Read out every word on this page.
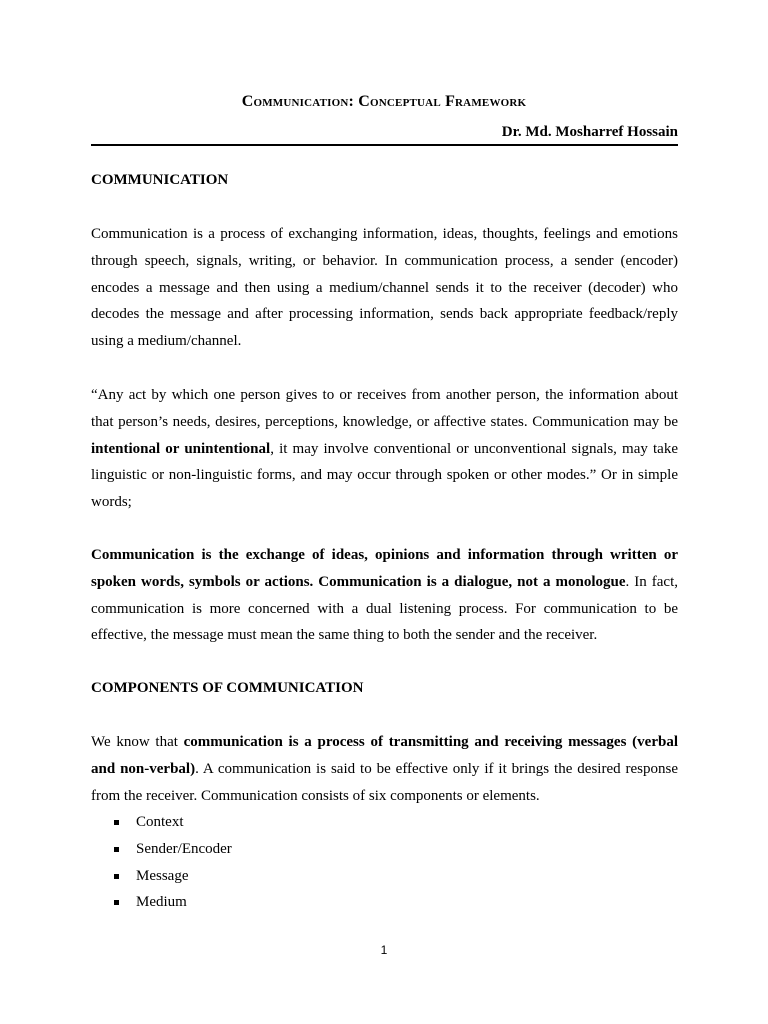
Communication: Conceptual Framework
Dr. Md. Mosharref Hossain
COMMUNICATION

Communication is a process of exchanging information, ideas, thoughts, feelings and emotions through speech, signals, writing, or behavior. In communication process, a sender (encoder) encodes a message and then using a medium/channel sends it to the receiver (decoder) who decodes the message and after processing information, sends back appropriate feedback/reply using a medium/channel.

“Any act by which one person gives to or receives from another person, the information about that person’s needs, desires, perceptions, knowledge, or affective states. Communication may be intentional or unintentional, it may involve conventional or unconventional signals, may take linguistic or non-linguistic forms, and may occur through spoken or other modes.” Or in simple words;

Communication is the exchange of ideas, opinions and information through written or spoken words, symbols or actions. Communication is a dialogue, not a monologue. In fact, communication is more concerned with a dual listening process. For communication to be effective, the message must mean the same thing to both the sender and the receiver.

COMPONENTS OF COMMUNICATION

We know that communication is a process of transmitting and receiving messages (verbal and non-verbal). A communication is said to be effective only if it brings the desired response from the receiver. Communication consists of six components or elements.

Context
Sender/Encoder
Message
Medium
1
